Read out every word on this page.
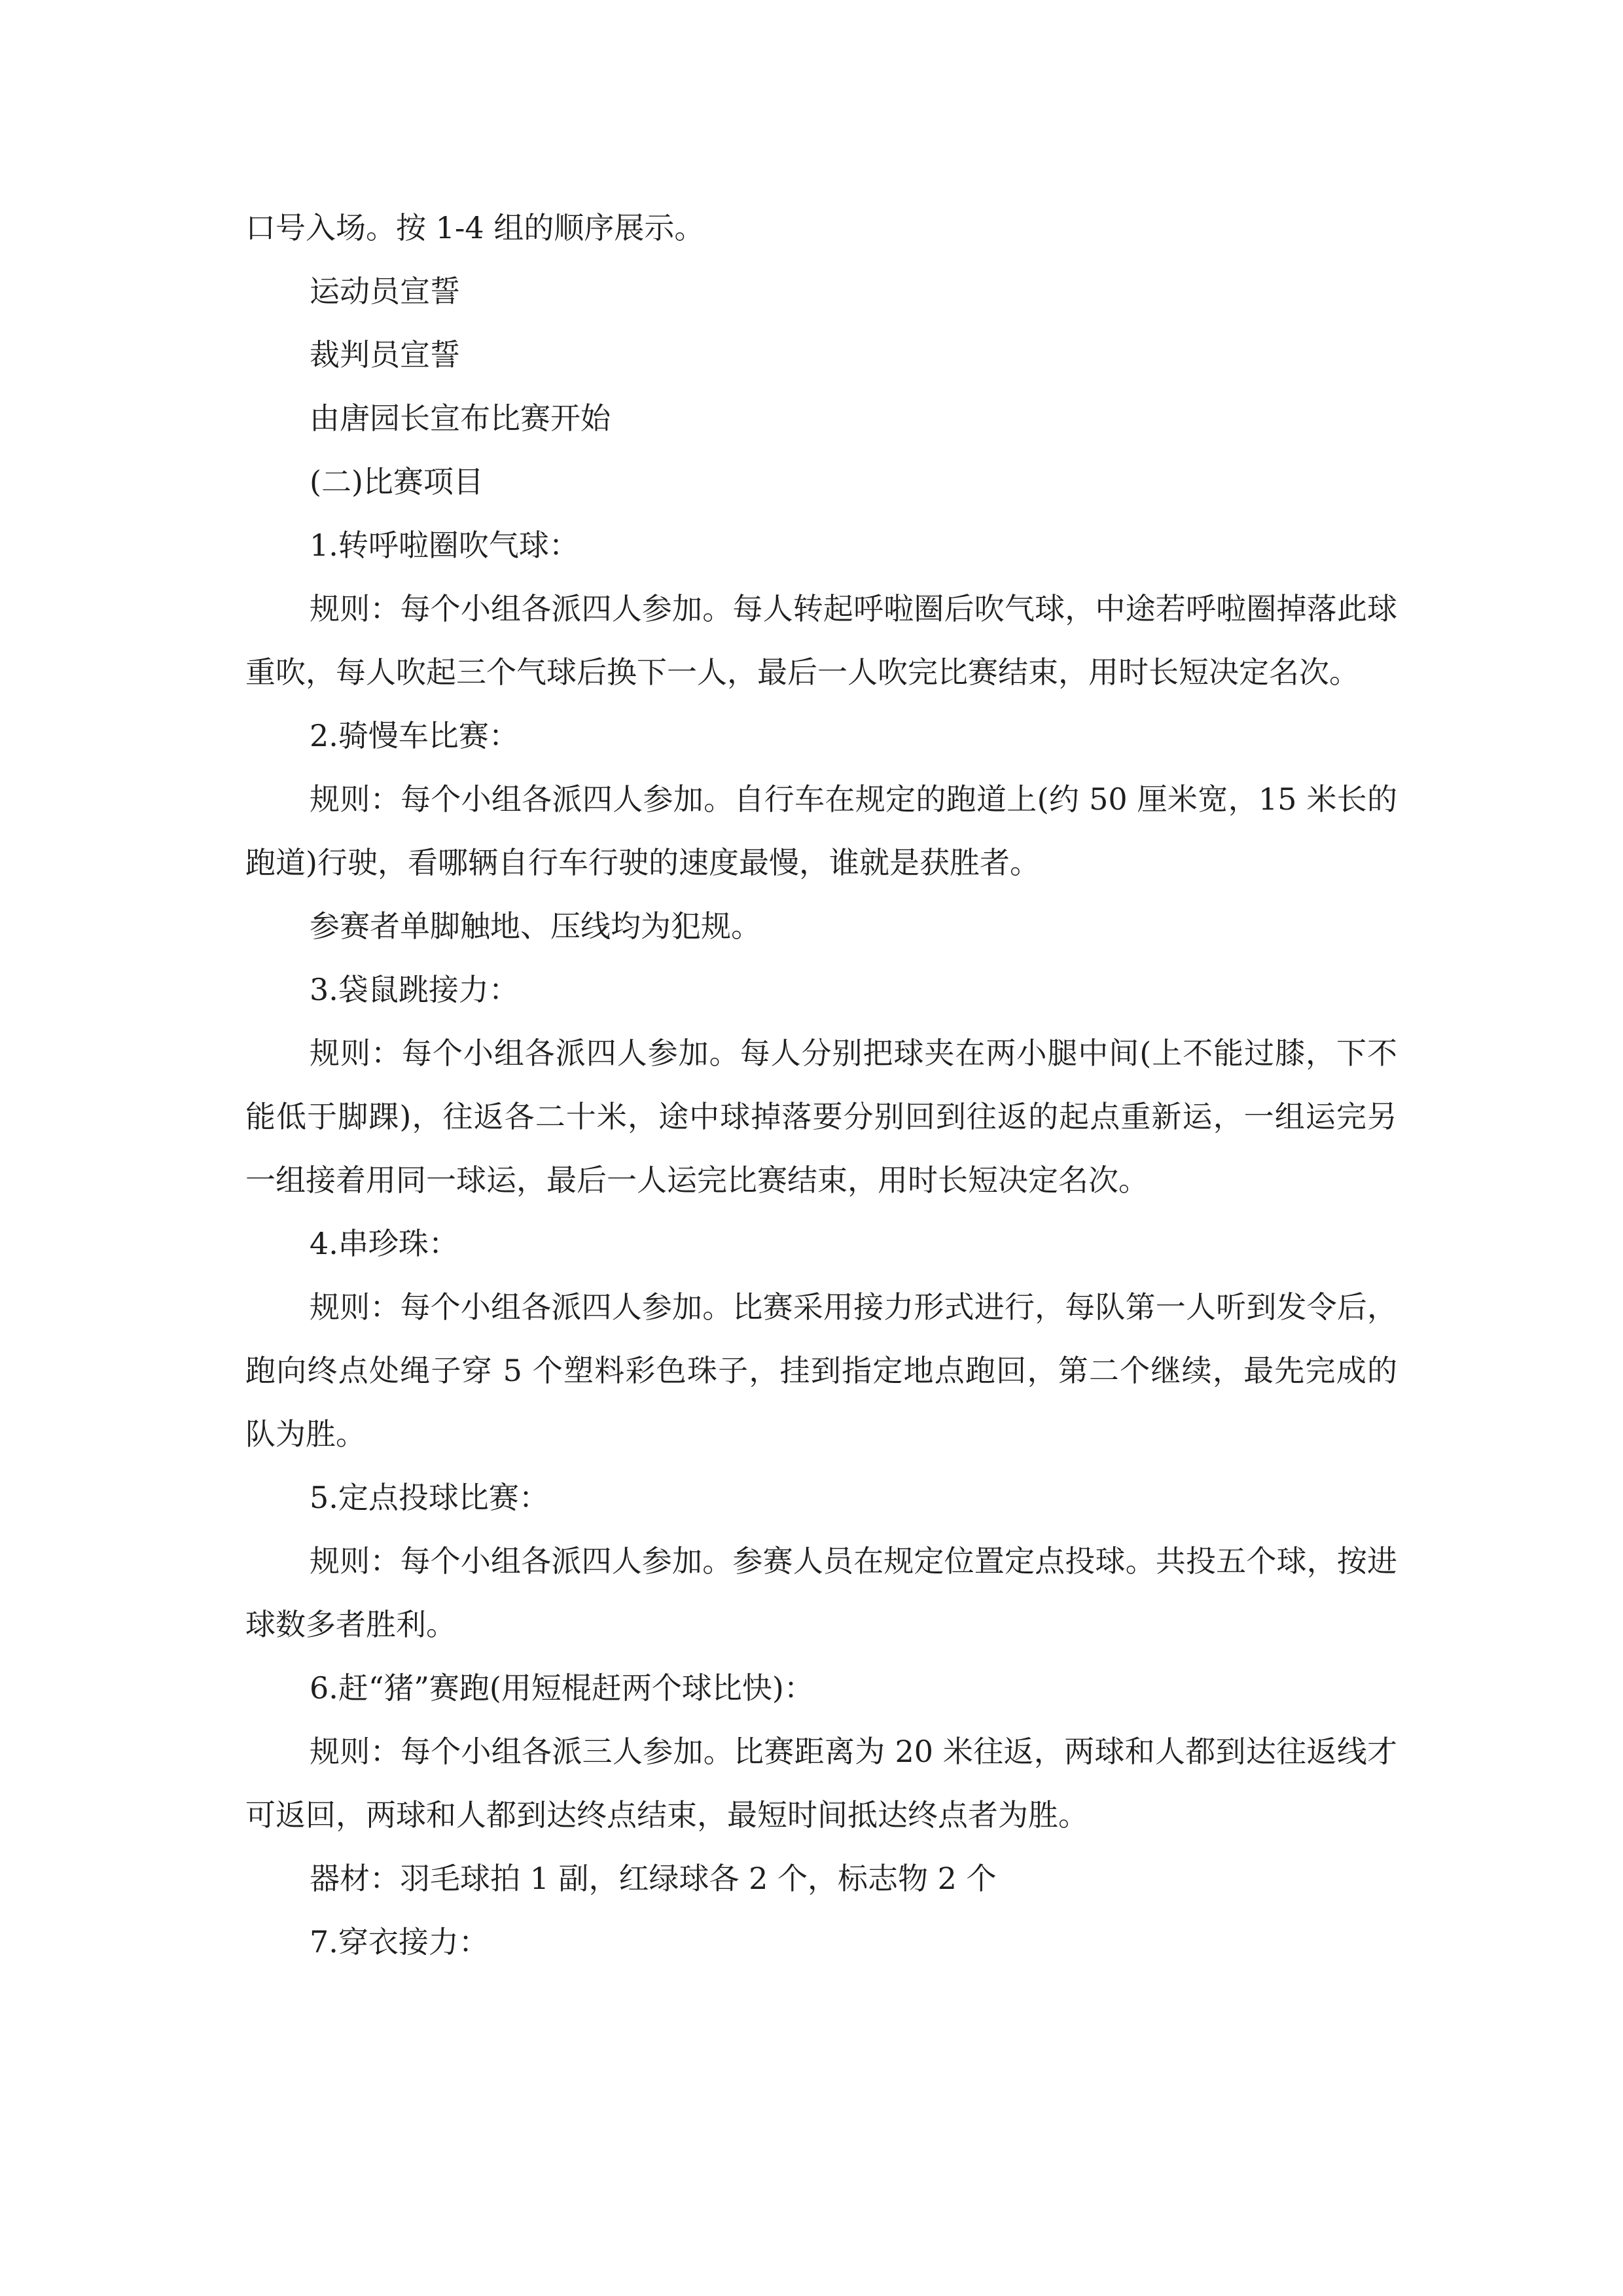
口号入场。按 1-4 组的顺序展示。

运动员宣誓

裁判员宣誓

由唐园长宣布比赛开始

(二)比赛项目

1.转呼啦圈吹气球：

规则：每个小组各派四人参加。每人转起呼啦圈后吹气球，中途若呼啦圈掉落此球重吹，每人吹起三个气球后换下一人，最后一人吹完比赛结束，用时长短决定名次。

2.骑慢车比赛：

规则：每个小组各派四人参加。自行车在规定的跑道上(约 50 厘米宽，15 米长的跑道)行驶，看哪辆自行车行驶的速度最慢，谁就是获胜者。

参赛者单脚触地、压线均为犯规。

3.袋鼠跳接力：

规则：每个小组各派四人参加。每人分别把球夹在两小腿中间(上不能过膝，下不能低于脚踝)，往返各二十米，途中球掉落要分别回到往返的起点重新运，一组运完另一组接着用同一球运，最后一人运完比赛结束，用时长短决定名次。

4.串珍珠：

规则：每个小组各派四人参加。比赛采用接力形式进行，每队第一人听到发令后，跑向终点处绳子穿 5 个塑料彩色珠子，挂到指定地点跑回，第二个继续，最先完成的队为胜。

5.定点投球比赛：

规则：每个小组各派四人参加。参赛人员在规定位置定点投球。共投五个球，按进球数多者胜利。

6.赶“猪”赛跑(用短棍赶两个球比快)：

规则：每个小组各派三人参加。比赛距离为 20 米往返，两球和人都到达往返线才可返回，两球和人都到达终点结束，最短时间抵达终点者为胜。

器材：羽毛球拍 1 副，红绿球各 2 个，标志物 2 个

7.穿衣接力：
